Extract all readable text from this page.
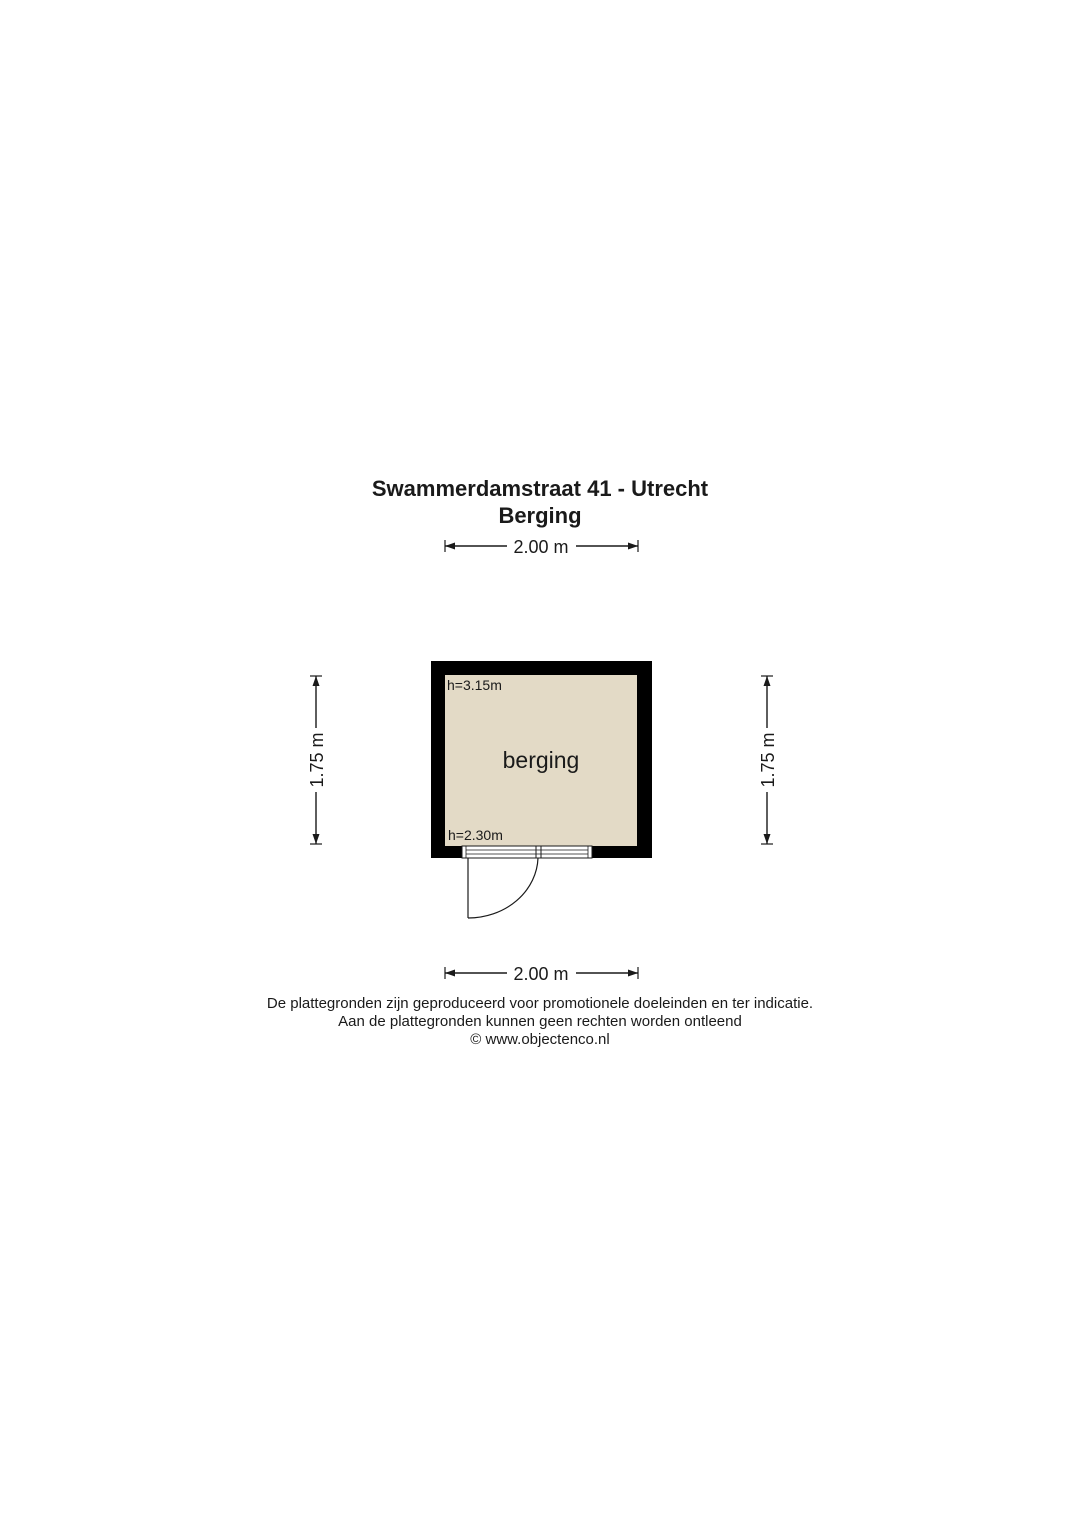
Swammerdamstraat 41 - Utrecht
Berging
2.00 m
1.75 m	1.75 m
h=3.15m
h=2.30m
berging
2.00 m
De plattegronden zijn geproduceerd voor promotionele doeleinden en ter indicatie.
Aan de plattegronden kunnen geen rechten worden ontleend
© www.objectenco.nl
